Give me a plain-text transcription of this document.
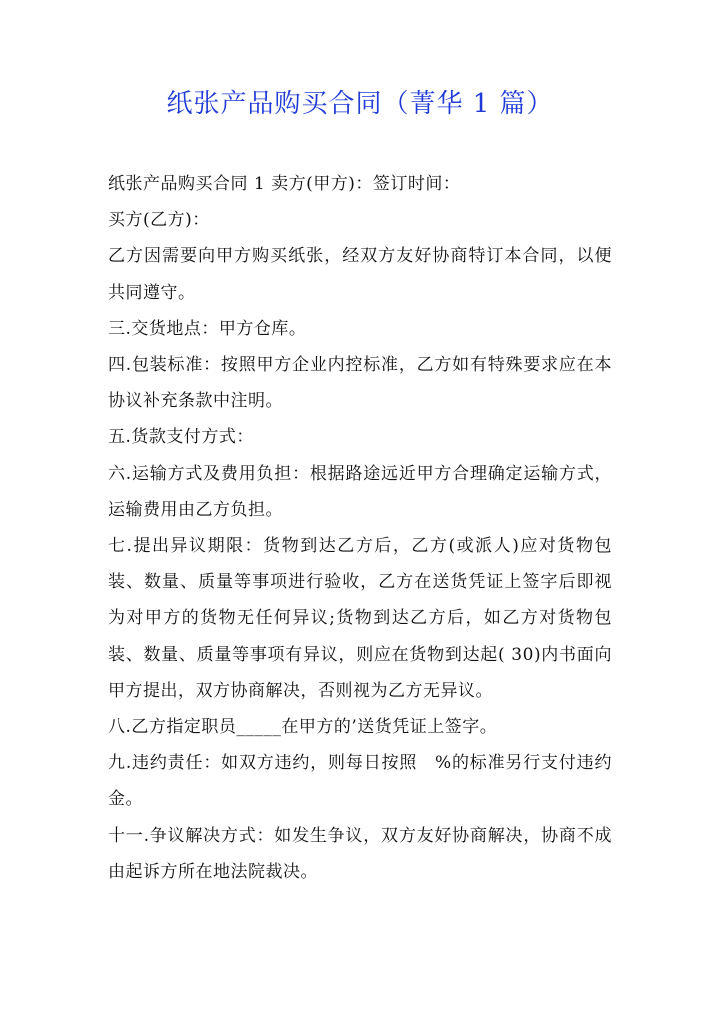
纸张产品购买合同（菁华 1 篇）

纸张产品购买合同 1 卖方(甲方)：签订时间：

买方(乙方)：

乙方因需要向甲方购买纸张，经双方友好协商特订本合同，以便共同遵守。

三.交货地点：甲方仓库。

四.包装标准：按照甲方企业内控标准，乙方如有特殊要求应在本协议补充条款中注明。

五.货款支付方式：

六.运输方式及费用负担：根据路途远近甲方合理确定运输方式，运输费用由乙方负担。

七.提出异议期限：货物到达乙方后，乙方(或派人)应对货物包装、数量、质量等事项进行验收，乙方在送货凭证上签字后即视为对甲方的货物无任何异议;货物到达乙方后，如乙方对货物包装、数量、质量等事项有异议，则应在货物到达起( 30)内书面向甲方提出，双方协商解决，否则视为乙方无异议。

八.乙方指定职员_____在甲方的’送货凭证上签字。

九.违约责任：如双方违约，则每日按照　%的标准另行支付违约金。

十一.争议解决方式：如发生争议，双方友好协商解决，协商不成由起诉方所在地法院裁决。
